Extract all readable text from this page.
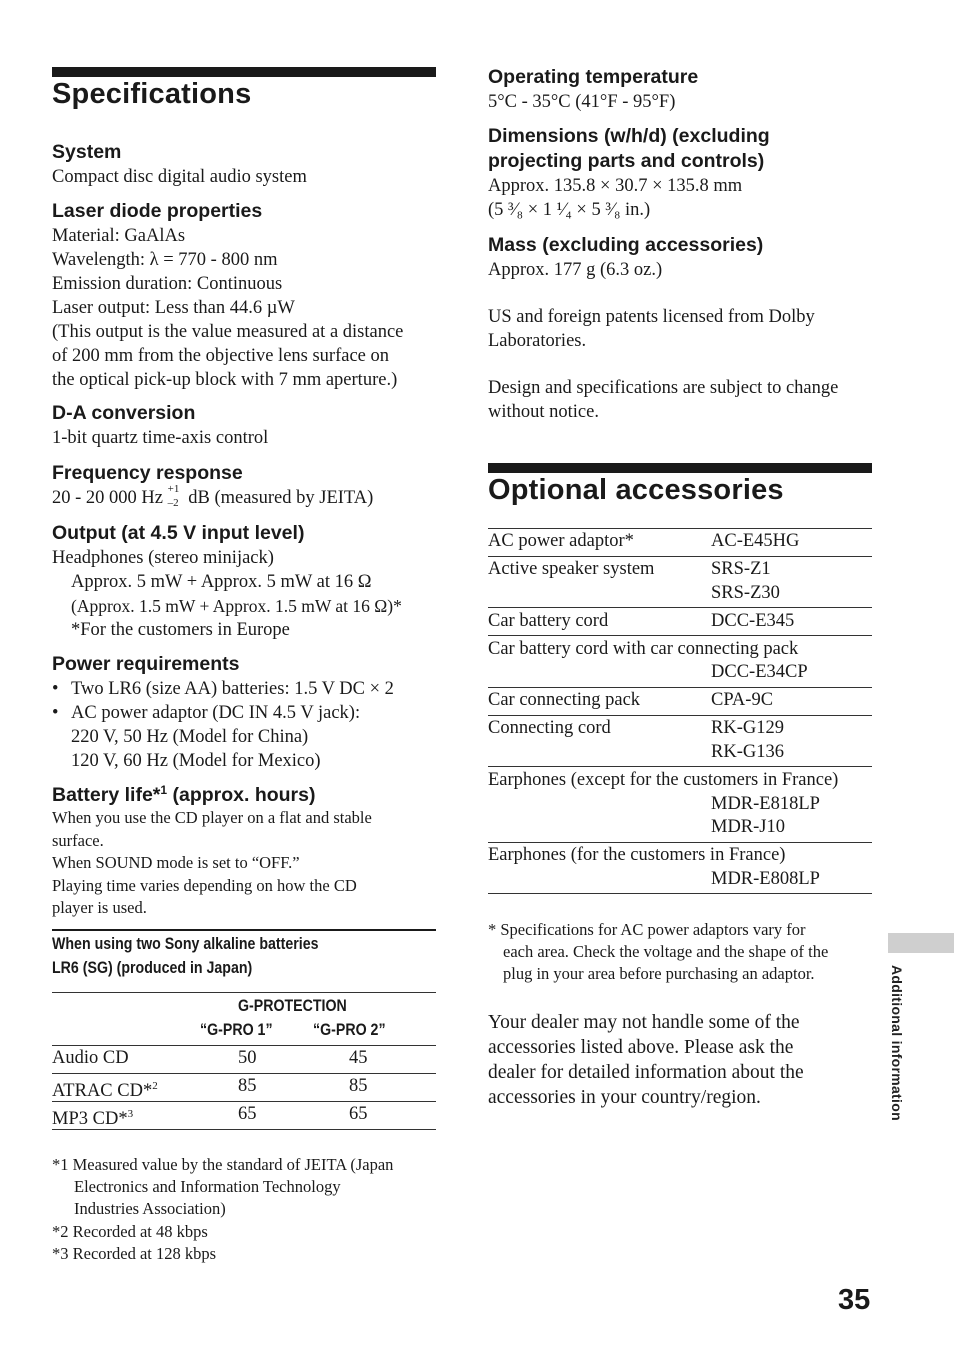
Specifications

System

Compact disc digital audio system

Laser diode properties

Material: GaAlAs

Wavelength: λ = 770 - 800 nm

Emission duration: Continuous

Laser output: Less than 44.6 µW

(This output is the value measured at a distance

of 200 mm from the objective lens surface on

the optical pick-up block with 7 mm aperture.)

D-A conversion

1-bit quartz time-axis control

Frequency response

20 - 20 000 Hz +1
–2 dB (measured by JEITA)

Output (at 4.5 V input level)

Headphones (stereo minijack)

Approx. 5 mW + Approx. 5 mW at 16 Ω

(Approx. 1.5 mW + Approx. 1.5 mW at 16 Ω)*

*For the customers in Europe

Power requirements

• Two LR6 (size AA) batteries: 1.5 V DC × 2

• AC power adaptor (DC IN 4.5 V jack):

220 V, 50 Hz (Model for China)

120 V, 60 Hz (Model for Mexico)

Battery life*$^1$ (approx. hours)

When you use the CD player on a flat and stable

surface.

When SOUND mode is set to “OFF.”

Playing time varies depending on how the CD

player is used.

When using two Sony alkaline batteries

LR6 (SG) (produced in Japan)

G-PROTECTION

“G-PRO 1” “G-PRO 2”

Audio CD	50	45

ATRAC CD*$^2$	85	85

MP3 CD*$^3$	65	65

*1 Measured value by the standard of JEITA (Japan

Electronics and Information Technology

Industries Association)

*2 Recorded at 48 kbps

*3 Recorded at 128 kbps

Operating temperature

5°C - 35°C (41°F - 95°F)

Dimensions (w/h/d) (excluding

projecting parts and controls)

Approx. 135.8 × 30.7 × 135.8 mm

(5 ³⁄₈ × 1 ¹⁄₄ × 5 ³⁄₈ in.)

Mass (excluding accessories)

Approx. 177 g (6.3 oz.)

US and foreign patents licensed from Dolby

Laboratories.

Design and specifications are subject to change

without notice.

Optional accessories

AC power adaptor*	AC-E45HG

Active speaker system	SRS-Z1

SRS-Z30

Car battery cord	DCC-E345

Car battery cord with car connecting pack

DCC-E34CP

Car connecting pack	CPA-9C

Connecting cord	RK-G129

RK-G136

Earphones (except for the customers in France)

MDR-E818LP

MDR-J10

Earphones (for the customers in France)

MDR-E808LP

* Specifications for AC power adaptors vary for

each area. Check the voltage and the shape of the

plug in your area before purchasing an adaptor.

Your dealer may not handle some of the

accessories listed above. Please ask the

dealer for detailed information about the

accessories in your country/region.	Additional information
35
